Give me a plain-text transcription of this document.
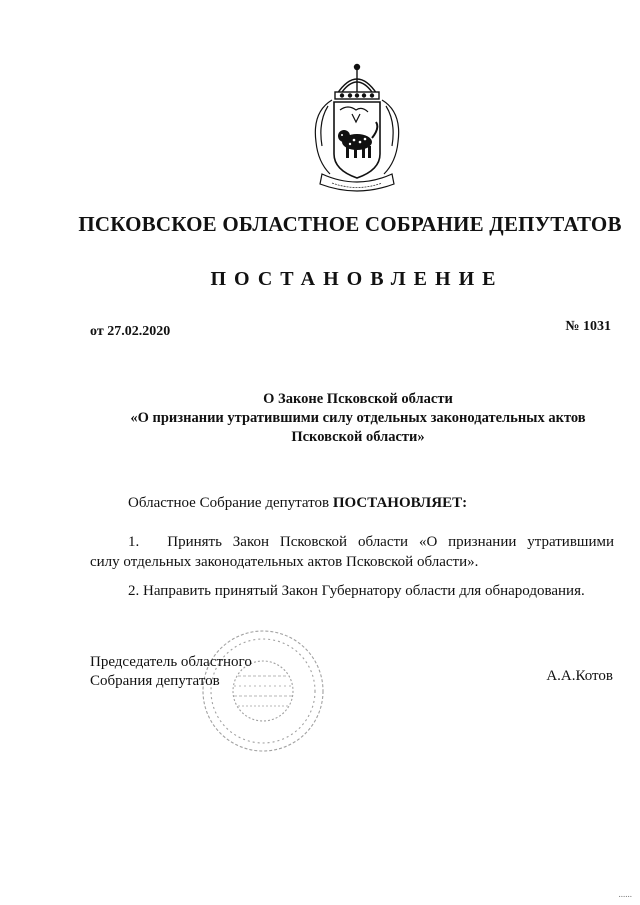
ПСКОВСКОЕ ОБЛАСТНОЕ СОБРАНИЕ ДЕПУТАТОВ
ПОСТАНОВЛЕНИЕ
от 27.02.2020	№ 1031
О Законе Псковской области
«О признании утратившими силу отдельных законодательных актов
Псковской области»
Областное Собрание депутатов ПОСТАНОВЛЯЕТ:
1. Принять Закон Псковской области «О признании утратившими
силу отдельных законодательных актов Псковской области».
2. Направить принятый Закон Губернатору области для обнародования.
Председатель областного
Собрания депутатов	А.А.Котов
......
